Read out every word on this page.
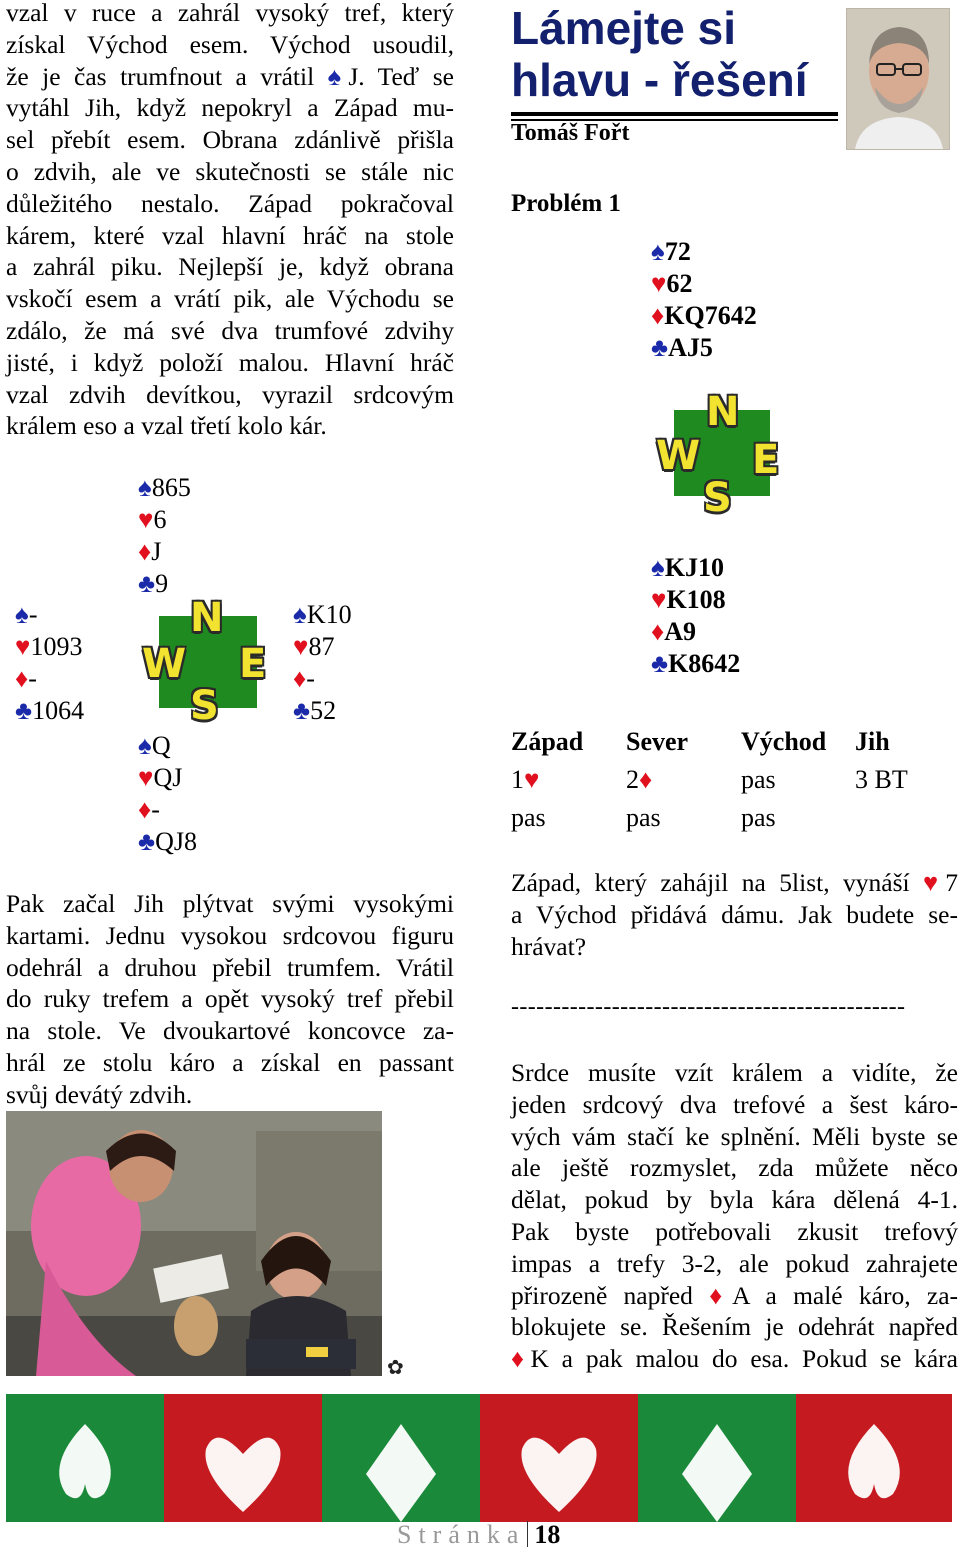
vzal v ruce a zahrál vysoký tref, který
získal Východ esem. Východ usoudil,
že je čas trumfnout a vrátil ♠J. Teď se
vytáhl Jih, když nepokryl a Západ mu-
sel přebít esem. Obrana zdánlivě přišla
o zdvih, ale ve skutečnosti se stále nic
důležitého nestalo. Západ pokračoval
kárem, které vzal hlavní hráč na stole
a zahrál piku. Nejlepší je, když obrana
vskočí esem a vrátí pik, ale Východu se
zdálo, že má své dva trumfové zdvihy
jisté, i když položí malou. Hlavní hráč
vzal zdvih devítkou, vyrazil srdcovým
králem eso a vzal třetí kolo kár.
♠865
♥6
♦J
♣9
♠-
♥1093
♦-
♣1064
♠K10
♥87
♦-
♣52
♠Q
♥QJ
♦-
♣QJ8
N
W E
S
Pak začal Jih plýtvat svými vysokými
kartami. Jednu vysokou srdcovou figuru
odehrál a druhou přebil trumfem. Vrátil
do ruky trefem a opět vysoký tref přebil
na stole. Ve dvoukartové koncovce za-
hrál ze stolu káro a získal en passant
svůj devátý zdvih.
✿
Lámejte si
hlavu - řešení
Tomáš Fořt
Problém 1
♠72
♥62
♦KQ7642
♣AJ5
N
W E
S
♠KJ10
♥K108
♦A9
♣K8642
Západ Sever Východ Jih
1♥	2♦	pas	3 BT
pas	pas	pas
Západ, který zahájil na 5list, vynáší ♥7
a Východ přidává dámu. Jak budete se-
hrávat?
-----------------------------------------------
Srdce musíte vzít králem a vidíte, že
jeden srdcový dva trefové a šest káro-
vých vám stačí ke splnění. Měli byste se
ale ještě rozmyslet, zda můžete něco
dělat, pokud by byla kára dělená 4-1.
Pak byste potřebovali zkusit trefový
impas a trefy 3-2, ale pokud zahrajete
přirozeně napřed ♦A a malé káro, za-
blokujete se. Řešením je odehrát napřed
♦K a pak malou do esa. Pokud se kára
Stránka 18
